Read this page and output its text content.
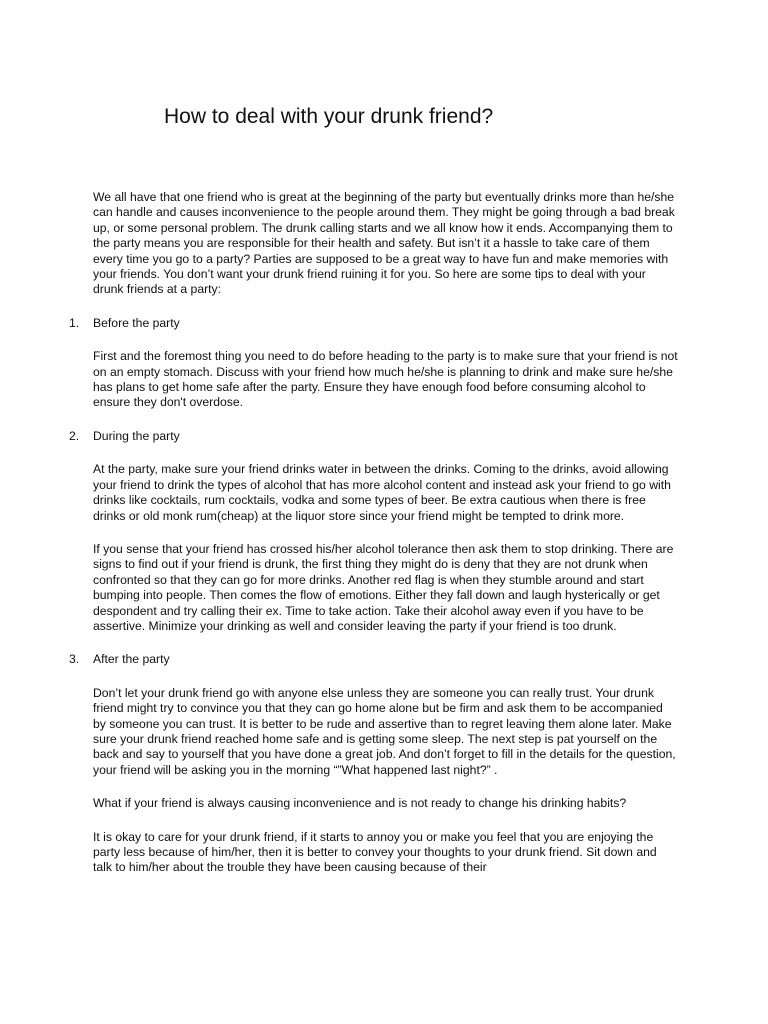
How to deal with your drunk friend?

We all have that one friend who is great at the beginning of the party but eventually drinks more than he/she can handle and causes inconvenience to the people around them. They might be going through a bad break up, or some personal problem. The drunk calling starts and we all know how it ends. Accompanying them to the party means you are responsible for their health and safety. But isn’t it a hassle to take care of them every time you go to a party? Parties are supposed to be a great way to have fun and make memories with your friends. You don’t want your drunk friend ruining it for you. So here are some tips to deal with your drunk friends at a party:

1. Before the party

First and the foremost thing you need to do before heading to the party is to make sure that your friend is not on an empty stomach. Discuss with your friend how much he/she is planning to drink and make sure he/she has plans to get home safe after the party. Ensure they have enough food before consuming alcohol to ensure they don't overdose.

2. During the party

At the party, make sure your friend drinks water in between the drinks. Coming to the drinks, avoid allowing your friend to drink the types of alcohol that has more alcohol content and instead ask your friend to go with drinks like cocktails, rum cocktails, vodka and some types of beer. Be extra cautious when there is free drinks or old monk rum(cheap) at the liquor store since your friend might be tempted to drink more.

If you sense that your friend has crossed his/her alcohol tolerance then ask them to stop drinking. There are signs to find out if your friend is drunk, the first thing they might do is deny that they are not drunk when confronted so that they can go for more drinks. Another red flag is when they stumble around and start bumping into people. Then comes the flow of emotions. Either they fall down and laugh hysterically or get despondent and try calling their ex. Time to take action. Take their alcohol away even if you have to be assertive. Minimize your drinking as well and consider leaving the party if your friend is too drunk.

3. After the party

Don’t let your drunk friend go with anyone else unless they are someone you can really trust. Your drunk friend might try to convince you that they can go home alone but be firm and ask them to be accompanied by someone you can trust. It is better to be rude and assertive than to regret leaving them alone later. Make sure your drunk friend reached home safe and is getting some sleep. The next step is pat yourself on the back and say to yourself that you have done a great job. And don’t forget to fill in the details for the question, your friend will be asking you in the morning “”What happened last night?” .

What if your friend is always causing inconvenience and is not ready to change his drinking habits?

It is okay to care for your drunk friend, if it starts to annoy you or make you feel that you are enjoying the party less because of him/her, then it is better to convey your thoughts to your drunk friend. Sit down and talk to him/her about the trouble they have been causing because of their
